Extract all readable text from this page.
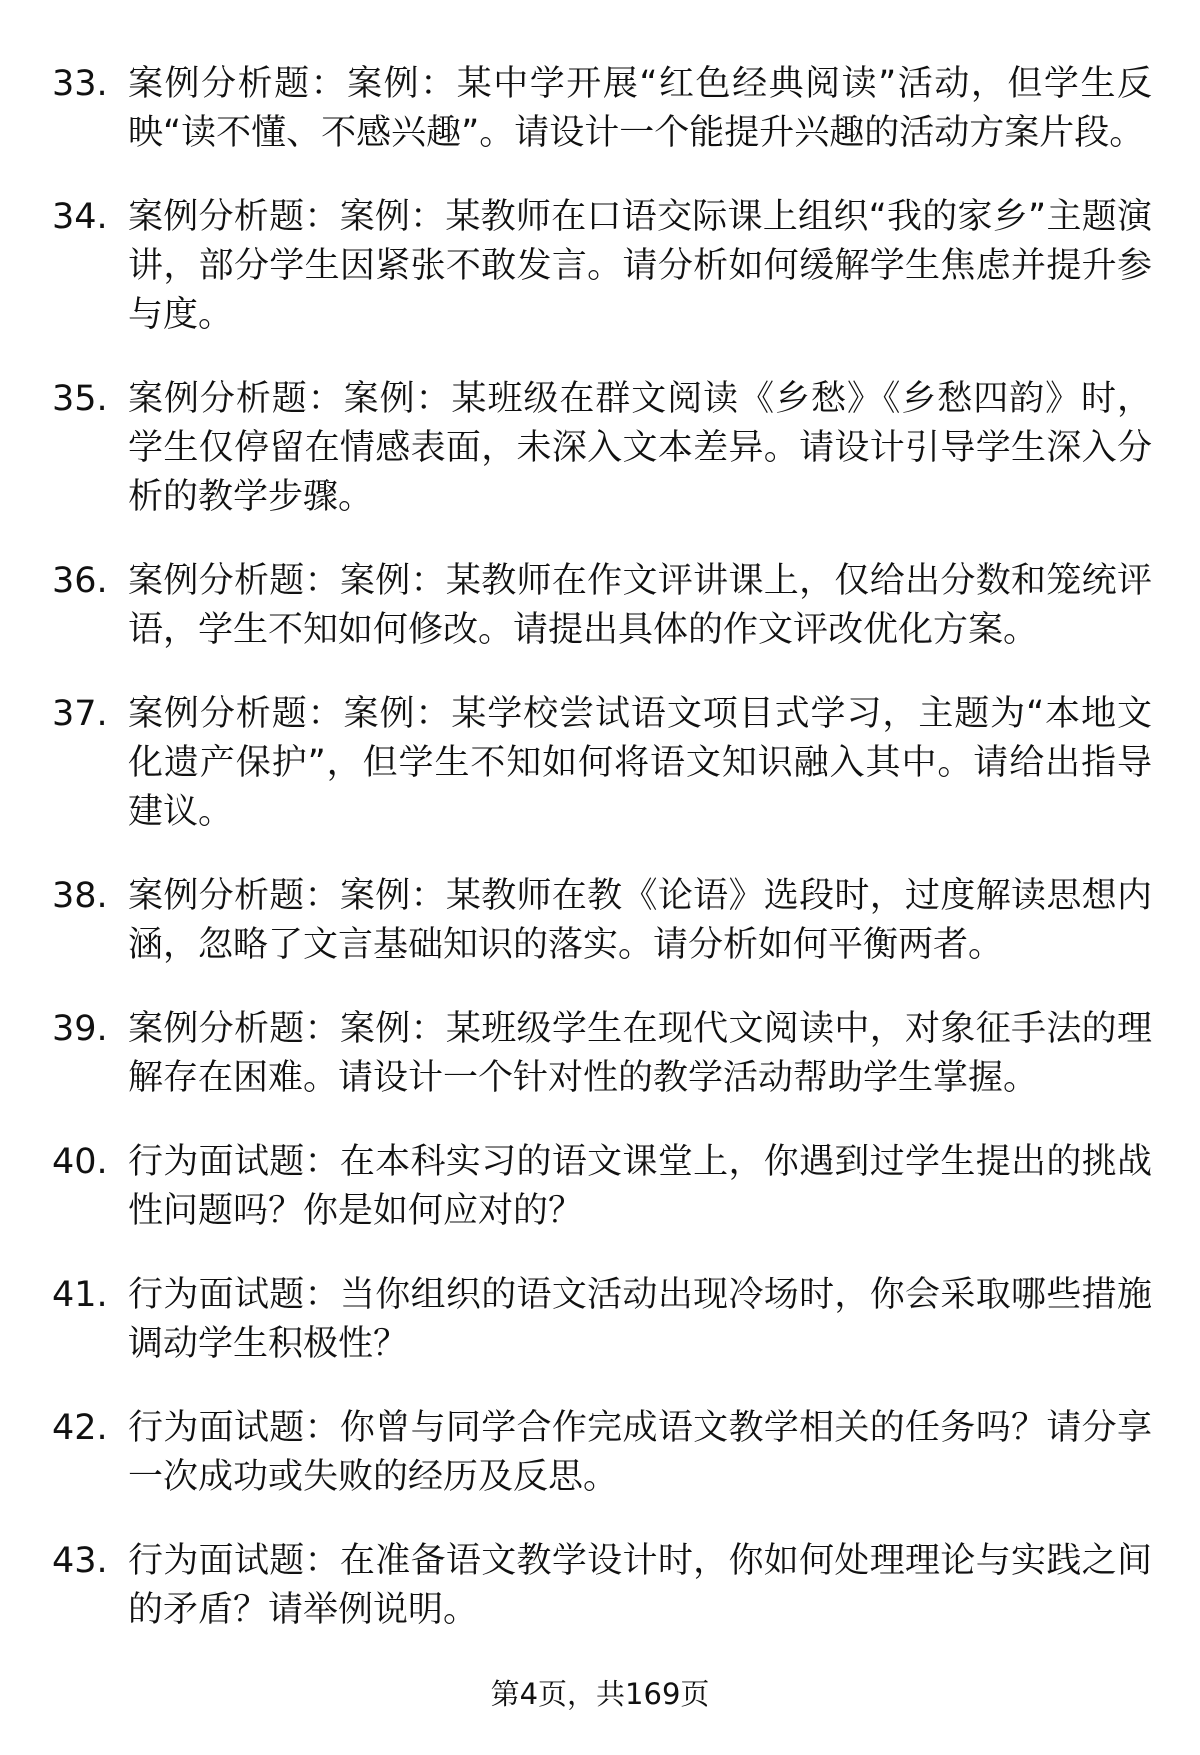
33. 案例分析题：案例：某中学开展“红色经典阅读”活动，但学生反映“读不懂、不感兴趣”。请设计一个能提升兴趣的活动方案片段。
34. 案例分析题：案例：某教师在口语交际课上组织“我的家乡”主题演讲，部分学生因紧张不敢发言。请分析如何缓解学生焦虑并提升参与度。
35. 案例分析题：案例：某班级在群文阅读《乡愁》《乡愁四韵》时，学生仅停留在情感表面，未深入文本差异。请设计引导学生深入分析的教学步骤。
36. 案例分析题：案例：某教师在作文评讲课上，仅给出分数和笼统评语，学生不知如何修改。请提出具体的作文评改优化方案。
37. 案例分析题：案例：某学校尝试语文项目式学习，主题为“本地文化遗产保护”，但学生不知如何将语文知识融入其中。请给出指导建议。
38. 案例分析题：案例：某教师在教《论语》选段时，过度解读思想内涵，忽略了文言基础知识的落实。请分析如何平衡两者。
39. 案例分析题：案例：某班级学生在现代文阅读中，对象征手法的理解存在困难。请设计一个针对性的教学活动帮助学生掌握。
40. 行为面试题：在本科实习的语文课堂上，你遇到过学生提出的挑战性问题吗？你是如何应对的？
41. 行为面试题：当你组织的语文活动出现冷场时，你会采取哪些措施调动学生积极性？
42. 行为面试题：你曾与同学合作完成语文教学相关的任务吗？请分享一次成功或失败的经历及反思。
43. 行为面试题：在准备语文教学设计时，你如何处理理论与实践之间的矛盾？请举例说明。
第4页，共169页
